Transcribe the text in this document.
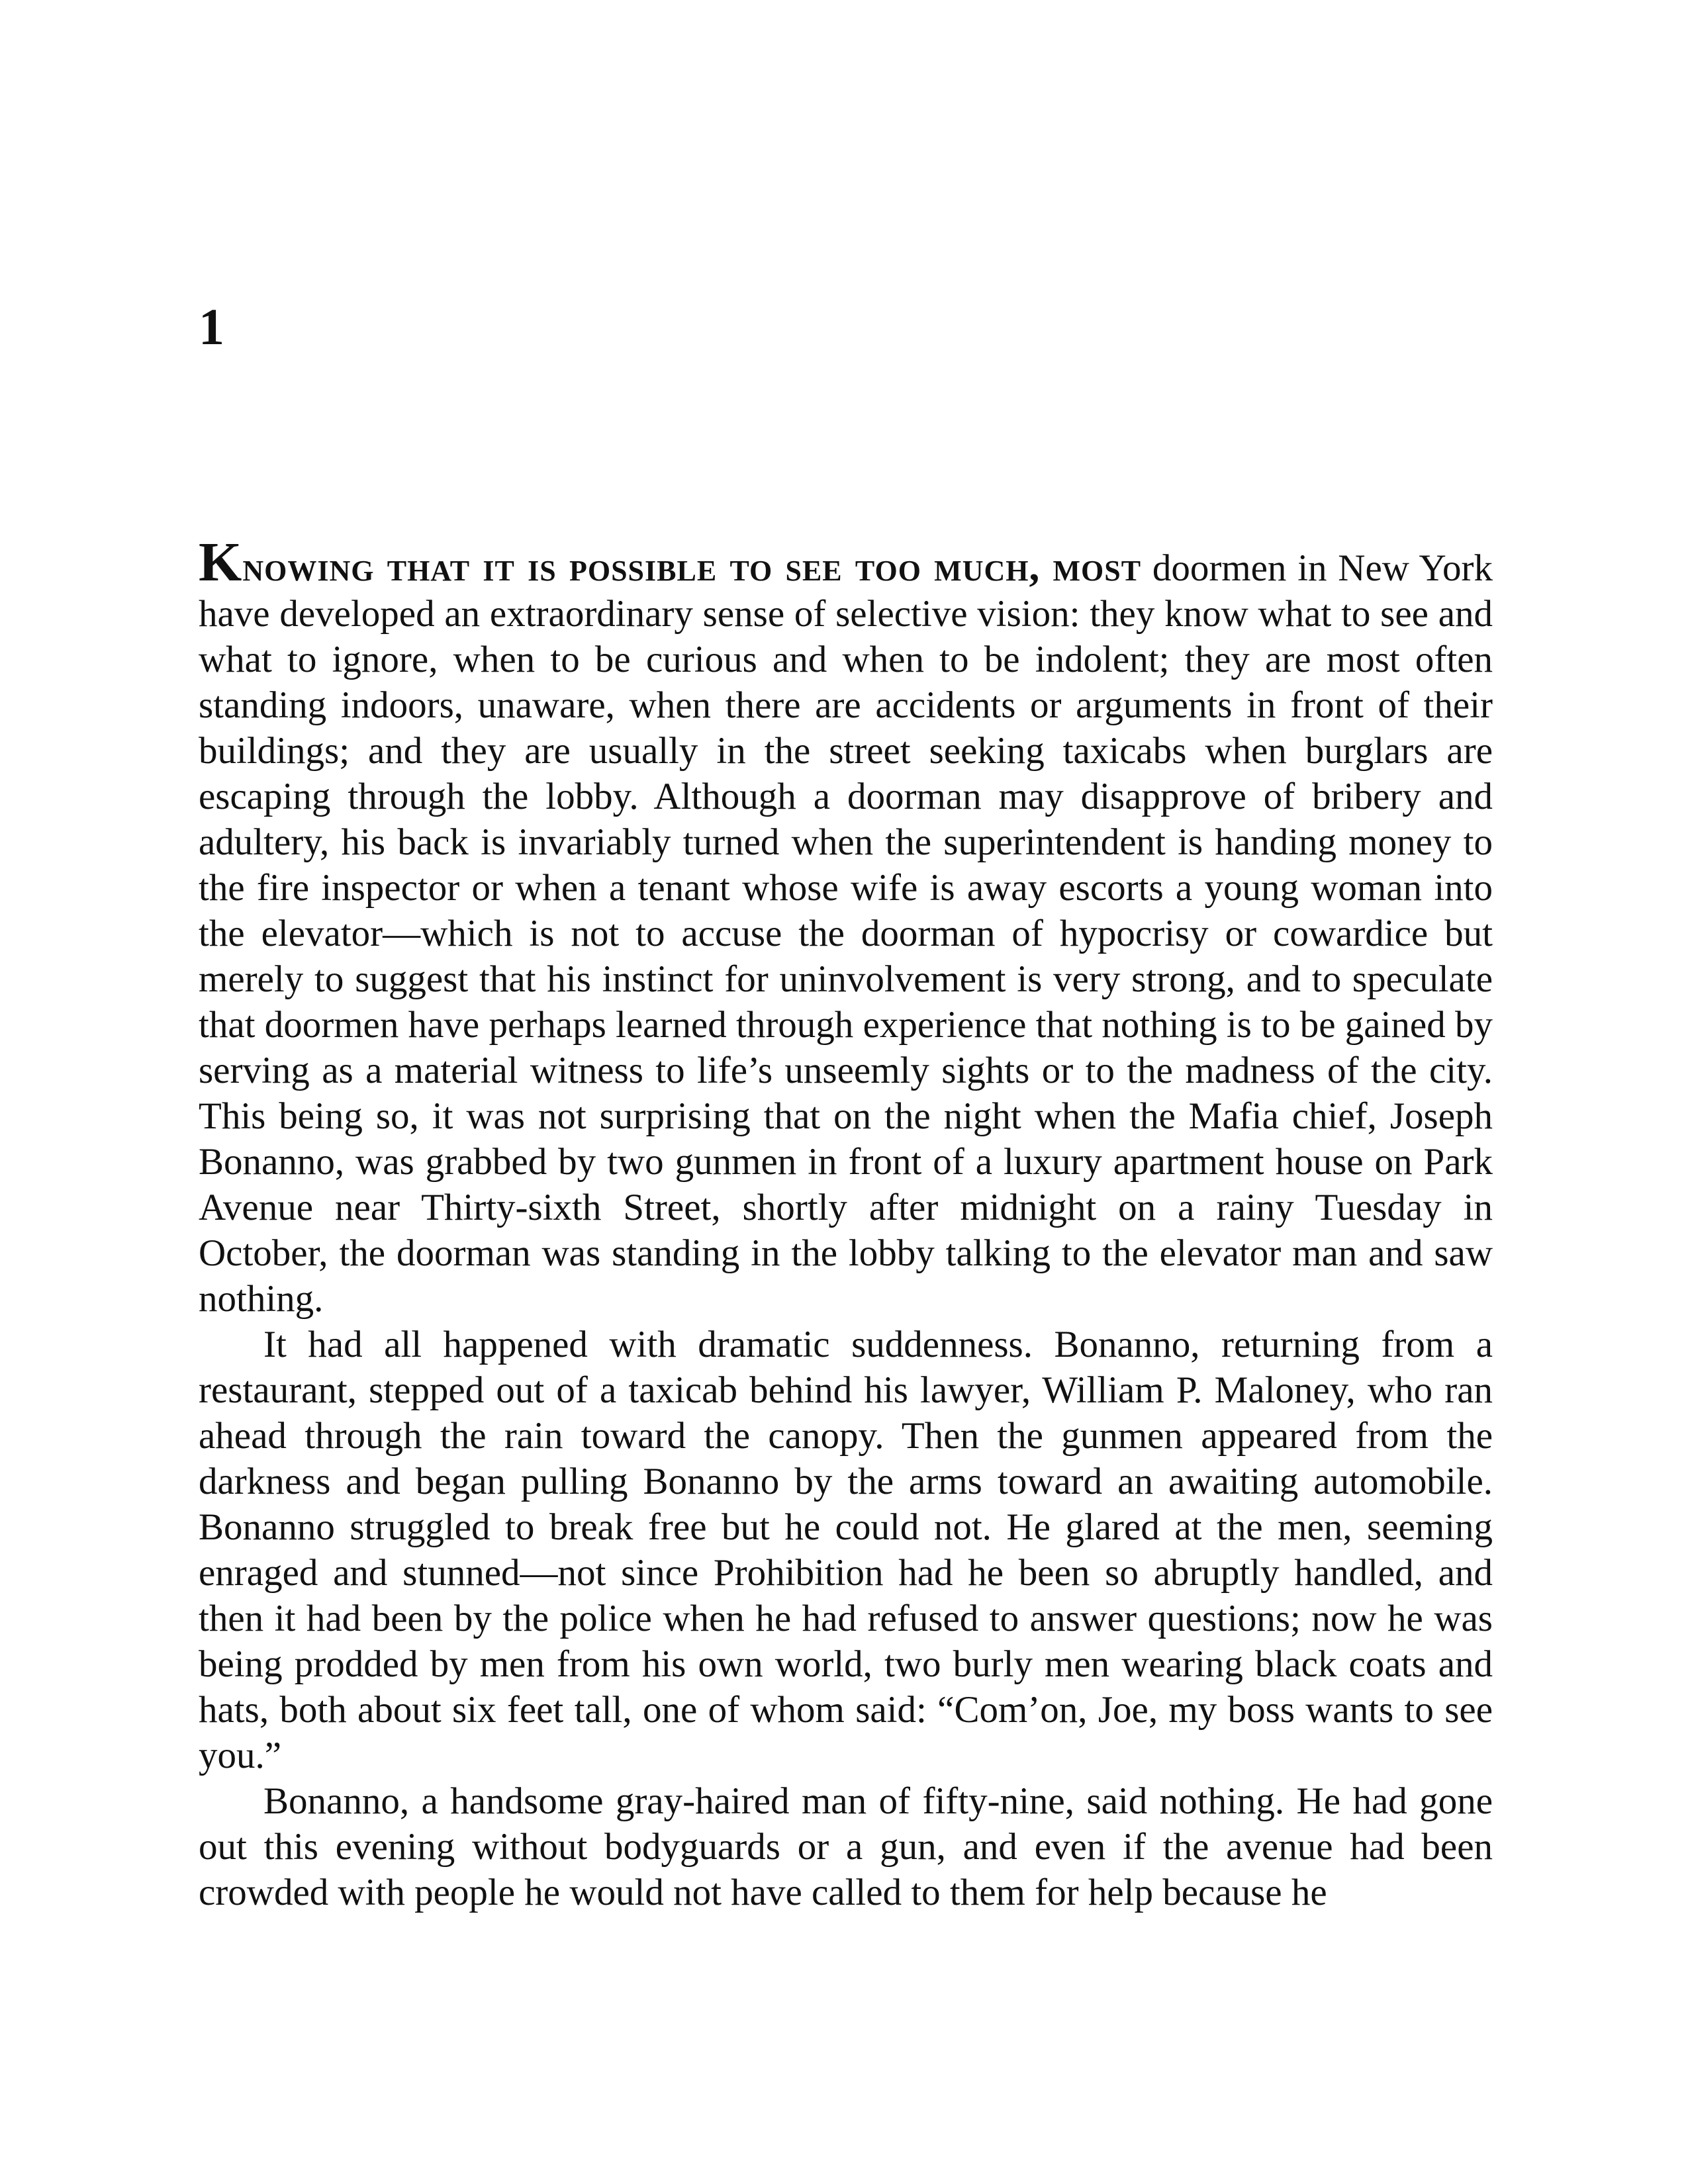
1

Knowing that it is possible to see too much, most doormen in New York have developed an extraordinary sense of selective vision: they know what to see and what to ignore, when to be curious and when to be indolent; they are most often standing indoors, unaware, when there are accidents or arguments in front of their buildings; and they are usually in the street seeking taxicabs when burglars are escaping through the lobby. Although a doorman may disapprove of bribery and adultery, his back is invariably turned when the superintendent is handing money to the fire inspector or when a tenant whose wife is away escorts a young woman into the elevator—which is not to accuse the doorman of hypocrisy or cowardice but merely to suggest that his instinct for uninvolvement is very strong, and to speculate that doormen have perhaps learned through experience that nothing is to be gained by serving as a material witness to life’s unseemly sights or to the madness of the city. This being so, it was not surprising that on the night when the Mafia chief, Joseph Bonanno, was grabbed by two gunmen in front of a luxury apartment house on Park Avenue near Thirty-sixth Street, shortly after midnight on a rainy Tuesday in October, the doorman was standing in the lobby talking to the elevator man and saw nothing.

It had all happened with dramatic suddenness. Bonanno, returning from a restaurant, stepped out of a taxicab behind his lawyer, William P. Maloney, who ran ahead through the rain toward the canopy. Then the gunmen appeared from the darkness and began pulling Bonanno by the arms toward an awaiting automobile. Bonanno struggled to break free but he could not. He glared at the men, seeming enraged and stunned—not since Prohibition had he been so abruptly handled, and then it had been by the police when he had refused to answer questions; now he was being prodded by men from his own world, two burly men wearing black coats and hats, both about six feet tall, one of whom said: “Com’on, Joe, my boss wants to see you.”

Bonanno, a handsome gray-haired man of fifty-nine, said nothing. He had gone out this evening without bodyguards or a gun, and even if the avenue had been crowded with people he would not have called to them for help because he
